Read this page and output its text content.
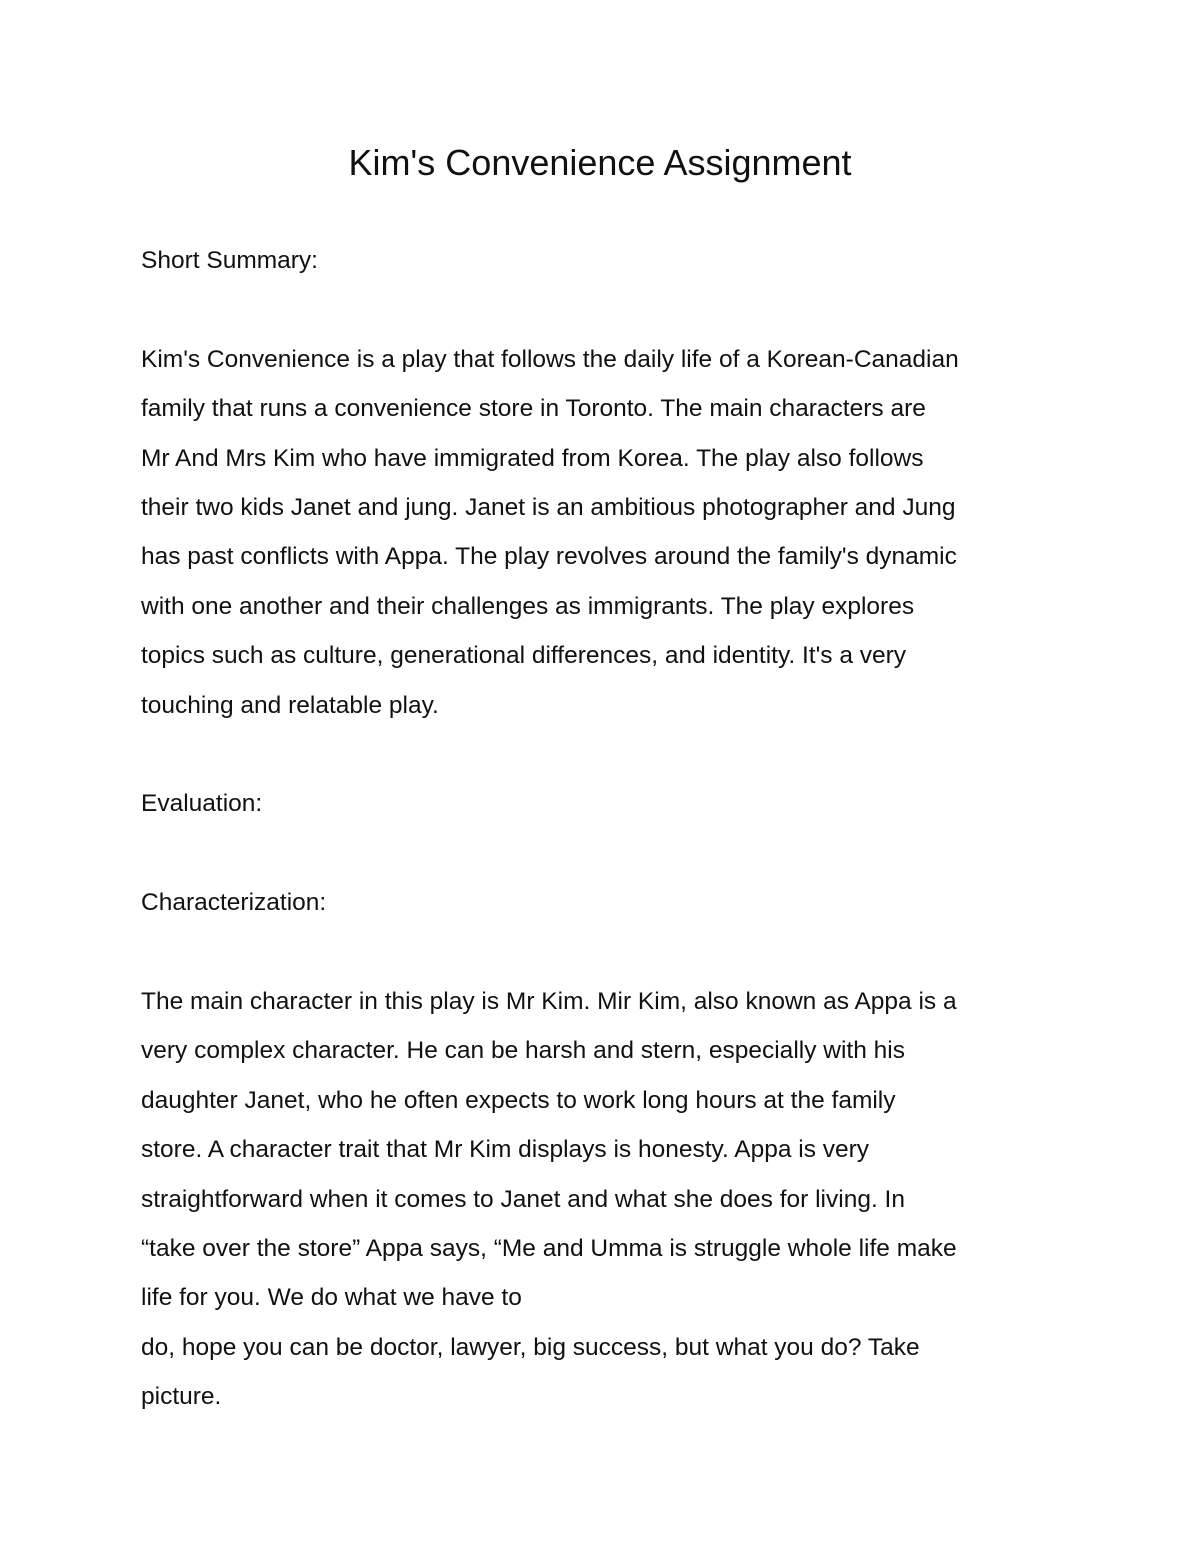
Kim's Convenience Assignment

Short Summary:

Kim's Convenience is a play that follows the daily life of a Korean-Canadian
family that runs a convenience store in Toronto. The main characters are
Mr And Mrs Kim who have immigrated from Korea. The play also follows
their two kids Janet and jung. Janet is an ambitious photographer and Jung
has past conflicts with Appa. The play revolves around the family's dynamic
with one another and their challenges as immigrants. The play explores
topics such as culture, generational differences, and identity. It's a very
touching and relatable play.

Evaluation:

Characterization:

The main character in this play is Mr Kim. Mir Kim, also known as Appa is a
very complex character. He can be harsh and stern, especially with his
daughter Janet, who he often expects to work long hours at the family
store. A character trait that Mr Kim displays is honesty. Appa is very
straightforward when it comes to Janet and what she does for living. In
“take over the store” Appa says, “Me and Umma is struggle whole life make
life for you. We do what we have to
do, hope you can be doctor, lawyer, big success, but what you do? Take
picture.
